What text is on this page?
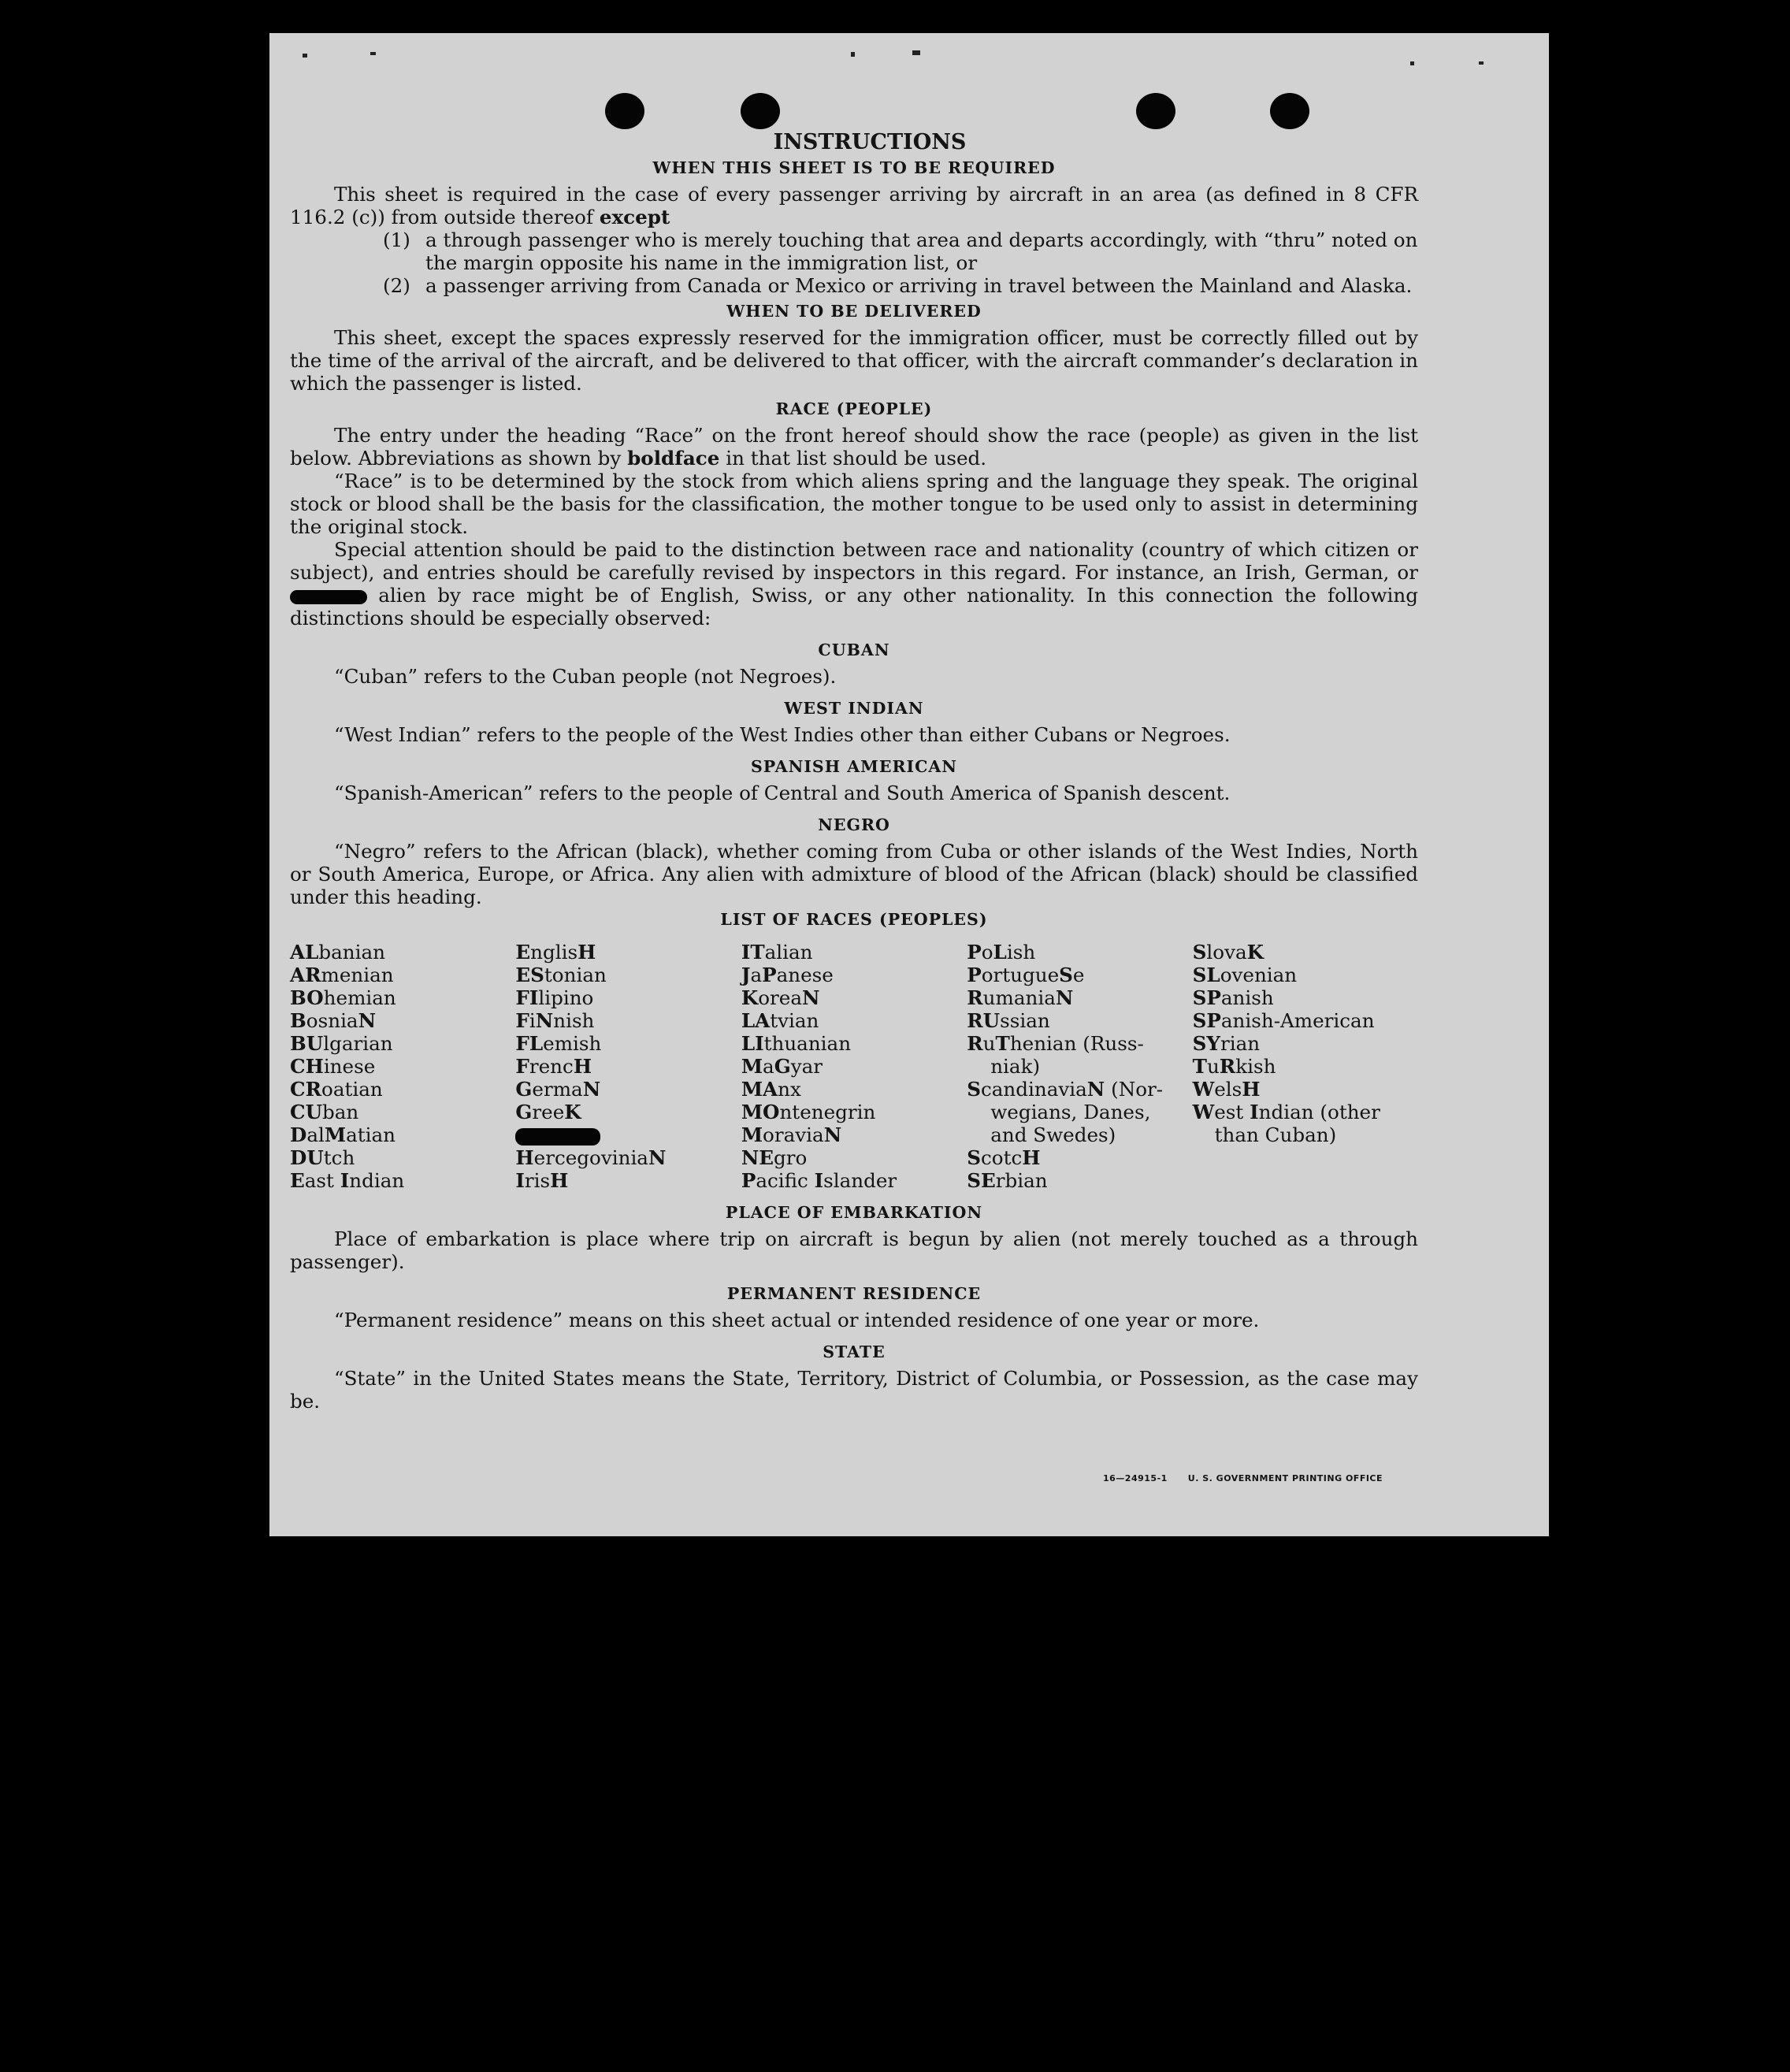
INSTRUCTIONS
WHEN THIS SHEET IS TO BE REQUIRED
This sheet is required in the case of every passenger arriving by aircraft in an area (as defined in 8 CFR 116.2 (c)) from outside thereof except
(1) a through passenger who is merely touching that area and departs accordingly, with “thru” noted on the margin opposite his name in the immigration list, or
(2) a passenger arriving from Canada or Mexico or arriving in travel between the Mainland and Alaska.
WHEN TO BE DELIVERED
This sheet, except the spaces expressly reserved for the immigration officer, must be correctly filled out by the time of the arrival of the aircraft, and be delivered to that officer, with the aircraft commander’s declaration in which the passenger is listed.
RACE (PEOPLE)
The entry under the heading “Race” on the front hereof should show the race (people) as given in the list below. Abbreviations as shown by boldface in that list should be used.
“Race” is to be determined by the stock from which aliens spring and the language they speak. The original stock or blood shall be the basis for the classification, the mother tongue to be used only to assist in determining the original stock.
Special attention should be paid to the distinction between race and nationality (country of which citizen or subject), and entries should be carefully revised by inspectors in this regard. For instance, an Irish, German, or  alien by race might be of English, Swiss, or any other nationality. In this connection the following distinctions should be especially observed:
CUBAN
“Cuban” refers to the Cuban people (not Negroes).
WEST INDIAN
“West Indian” refers to the people of the West Indies other than either Cubans or Negroes.
SPANISH AMERICAN
“Spanish-American” refers to the people of Central and South America of Spanish descent.
NEGRO
“Negro” refers to the African (black), whether coming from Cuba or other islands of the West Indies, North or South America, Europe, or Africa. Any alien with admixture of blood of the African (black) should be classified under this heading.
LIST OF RACES (PEOPLES)
ALbanian
ARmenian
BOhemian
BosniaN
BUlgarian
CHinese
CRoatian
CUban
DalMatian
DUtch
East Indian
EnglisH
EStonian
FIlipino
FiNnish
FLemish
FrencH
GermaN
GreeK
HercegoviniaN
IrisH
ITalian
JaPanese
KoreaN
LAtvian
LIthuanian
MaGyar
MAnx
MOntenegrin
MoraviaN
NEgro
Pacific Islander
PoLish
PortugueSe
RumaniaN
RUssian
RuThenian (Russ-
niak)
ScandinaviaN (Nor-
wegians, Danes,
and Swedes)
ScotcH
SErbian
SlovaK
SLovenian
SPanish
SPanish-American
SYrian
TuRkish
WelsH
West Indian (other
than Cuban)
PLACE OF EMBARKATION
Place of embarkation is place where trip on aircraft is begun by alien (not merely touched as a through passenger).
PERMANENT RESIDENCE
“Permanent residence” means on this sheet actual or intended residence of one year or more.
STATE
“State” in the United States means the State, Territory, District of Columbia, or Possession, as the case may be.
16—24915-1 U. S. GOVERNMENT PRINTING OFFICE
